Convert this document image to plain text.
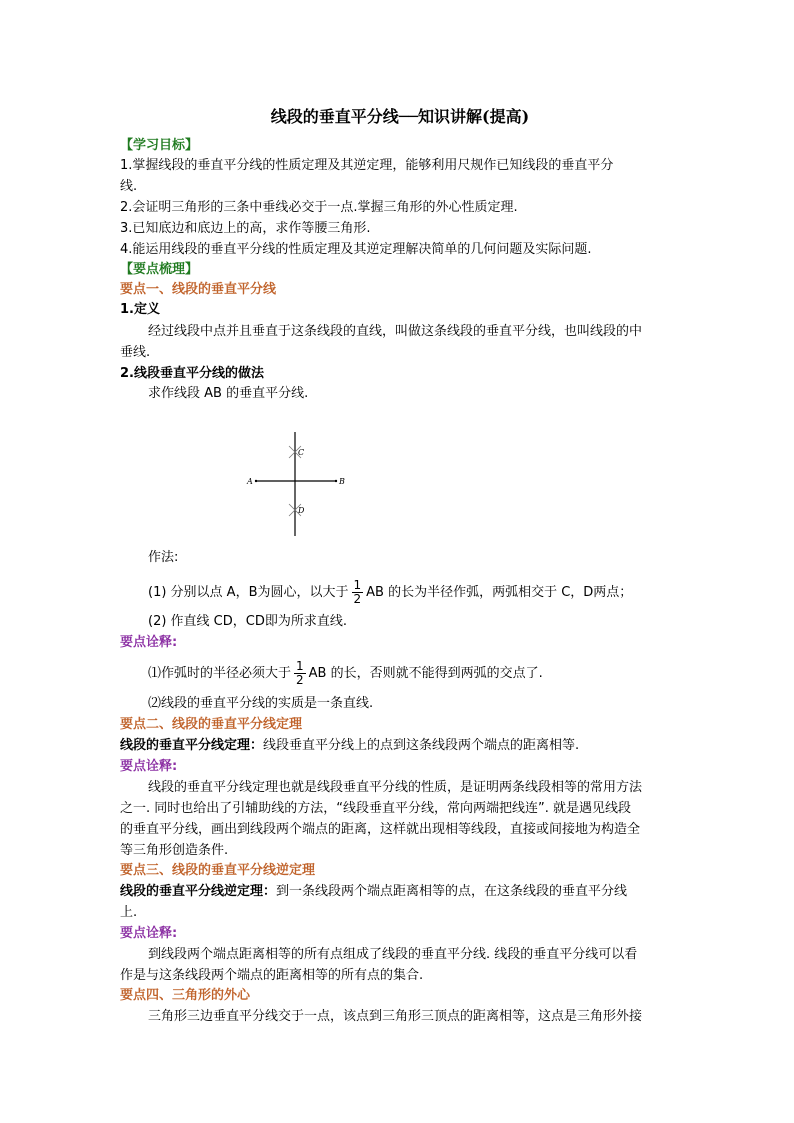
线段的垂直平分线──知识讲解(提高)
【学习目标】
1.掌握线段的垂直平分线的性质定理及其逆定理，能够利用尺规作已知线段的垂直平分
线.
2.会证明三角形的三条中垂线必交于一点.掌握三角形的外心性质定理.
3.已知底边和底边上的高，求作等腰三角形.
4.能运用线段的垂直平分线的性质定理及其逆定理解决简单的几何问题及实际问题.
【要点梳理】
要点一、线段的垂直平分线
1.定义
经过线段中点并且垂直于这条线段的直线，叫做这条线段的垂直平分线，也叫线段的中
垂线.
2.线段垂直平分线的做法
求作线段 AB 的垂直平分线.
A	B
C
D
作法:
(1) 分别以点 A，B为圆心，以大于 $\frac{1}{2}$ AB 的长为半径作弧，两弧相交于 C，D两点；
(2) 作直线 CD，CD即为所求直线.
要点诠释:
⑴作弧时的半径必须大于 $\frac{1}{2}$ AB 的长，否则就不能得到两弧的交点了.
⑵线段的垂直平分线的实质是一条直线.
要点二、线段的垂直平分线定理
线段的垂直平分线定理：线段垂直平分线上的点到这条线段两个端点的距离相等.
要点诠释:
线段的垂直平分线定理也就是线段垂直平分线的性质，是证明两条线段相等的常用方法
之一. 同时也给出了引辅助线的方法，“线段垂直平分线，常向两端把线连”. 就是遇见线段
的垂直平分线，画出到线段两个端点的距离，这样就出现相等线段，直接或间接地为构造全
等三角形创造条件.
要点三、线段的垂直平分线逆定理
线段的垂直平分线逆定理：到一条线段两个端点距离相等的点，在这条线段的垂直平分线
上.
要点诠释:
到线段两个端点距离相等的所有点组成了线段的垂直平分线. 线段的垂直平分线可以看
作是与这条线段两个端点的距离相等的所有点的集合.
要点四、三角形的外心
三角形三边垂直平分线交于一点，该点到三角形三顶点的距离相等，这点是三角形外接
